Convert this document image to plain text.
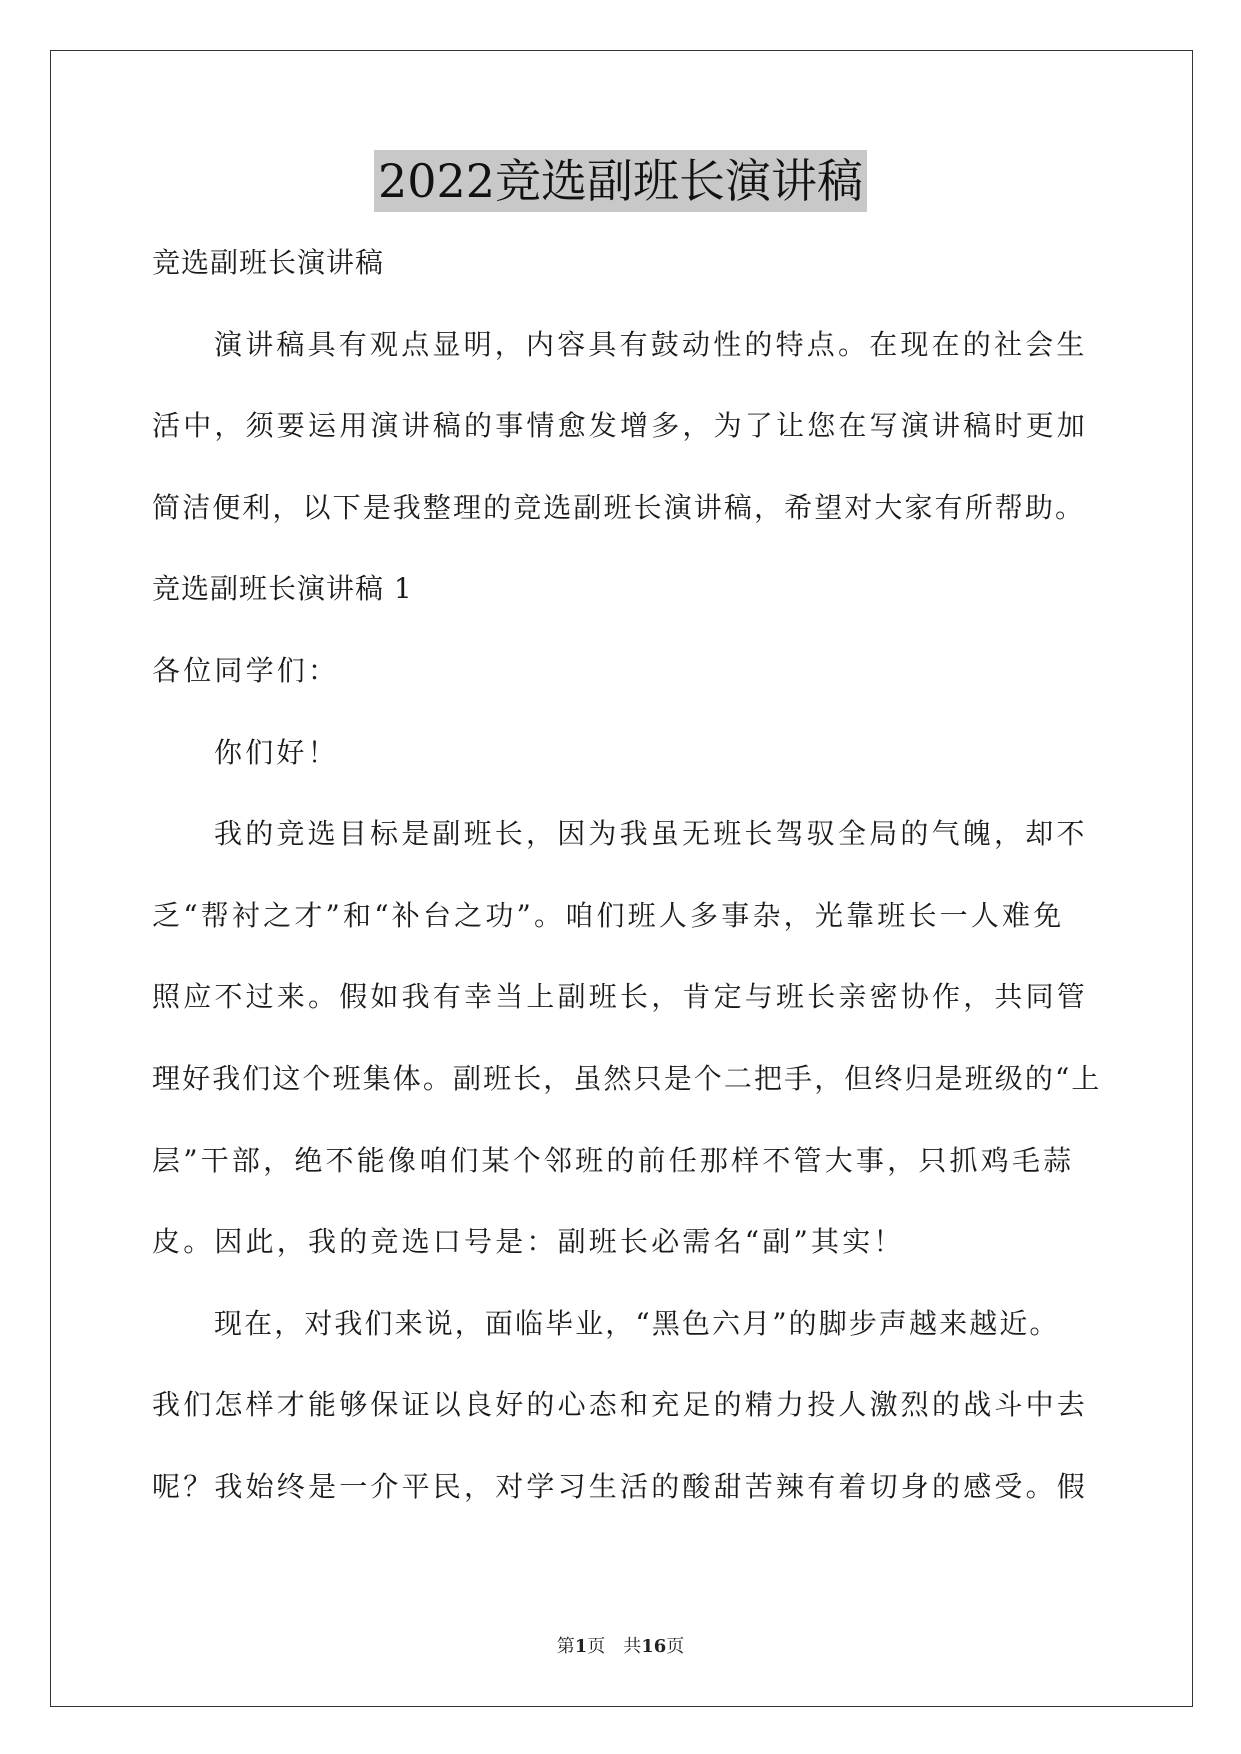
2022竞选副班长演讲稿
竞选副班长演讲稿
演讲稿具有观点显明，内容具有鼓动性的特点。在现在的社会生
活中，须要运用演讲稿的事情愈发增多，为了让您在写演讲稿时更加
简洁便利，以下是我整理的竞选副班长演讲稿，希望对大家有所帮助。
竞选副班长演讲稿 1
各位同学们：
你们好！
我的竞选目标是副班长，因为我虽无班长驾驭全局的气魄，却不
乏“帮衬之才”和“补台之功”。咱们班人多事杂，光靠班长一人难免
照应不过来。假如我有幸当上副班长，肯定与班长亲密协作，共同管
理好我们这个班集体。副班长，虽然只是个二把手，但终归是班级的“上
层”干部，绝不能像咱们某个邻班的前任那样不管大事，只抓鸡毛蒜
皮。因此，我的竞选口号是：副班长必需名“副”其实！
现在，对我们来说，面临毕业，“黑色六月”的脚步声越来越近。
我们怎样才能够保证以良好的心态和充足的精力投人激烈的战斗中去
呢？我始终是一介平民，对学习生活的酸甜苦辣有着切身的感受。假
第1页 共16页
